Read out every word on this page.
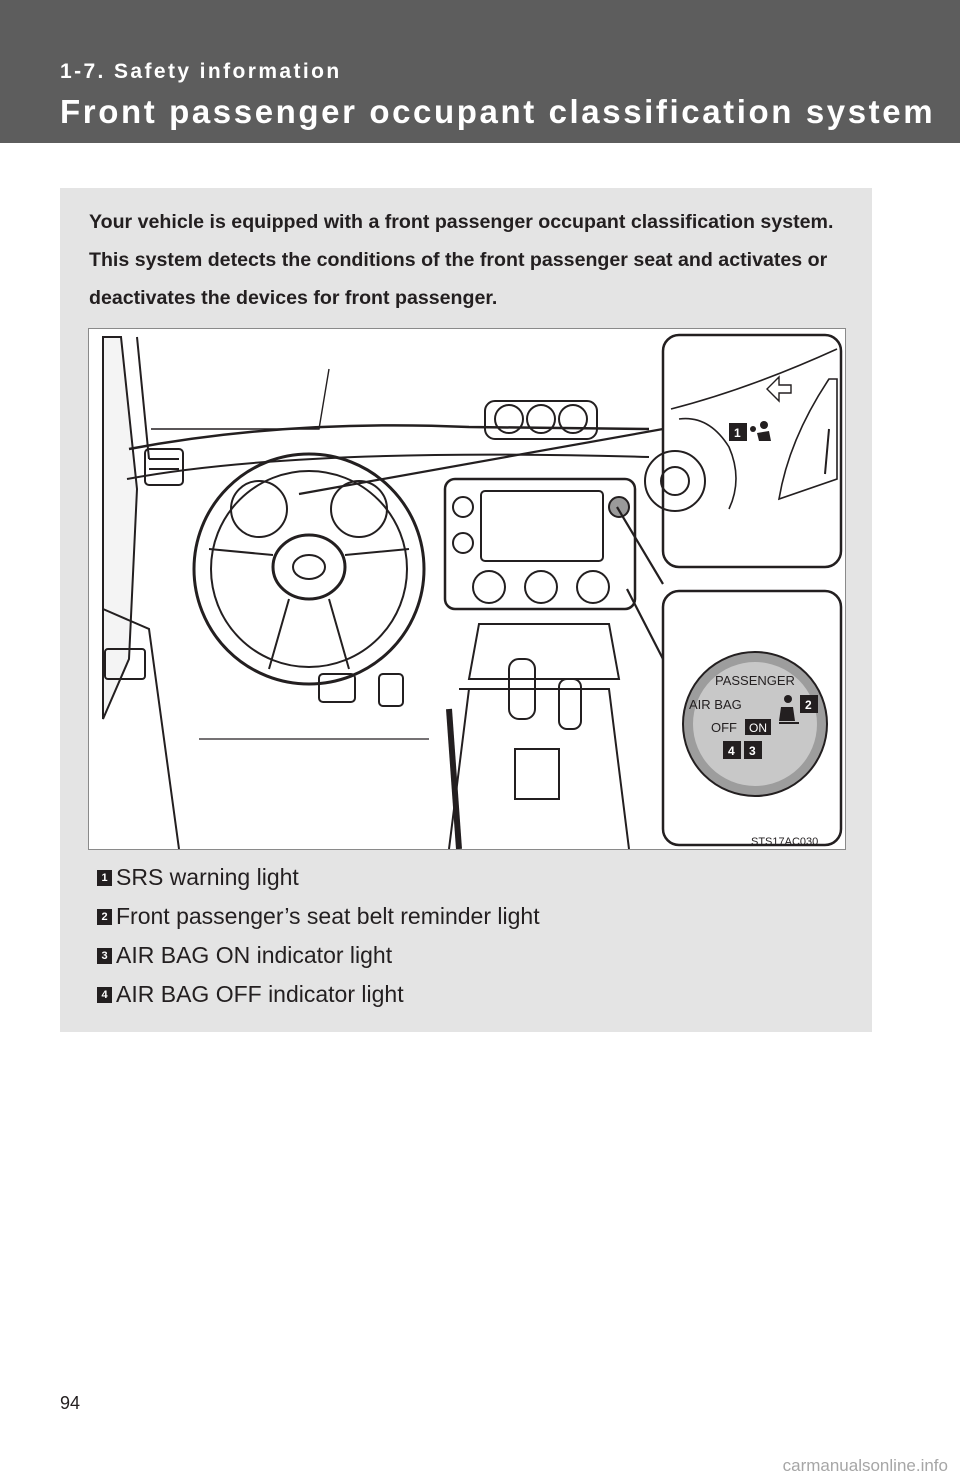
1-7. Safety information
Front passenger occupant classification system
Your vehicle is equipped with a front passenger occupant classification system. This system detects the conditions of the front passenger seat and activates or deactivates the devices for front passenger.
PASSENGER
AIR BAG
OFF ON
1
2
3
4
STS17AC030
1 SRS warning light
2 Front passenger’s seat belt reminder light
3 AIR BAG ON indicator light
4 AIR BAG OFF indicator light
94
carmanualsonline.info
